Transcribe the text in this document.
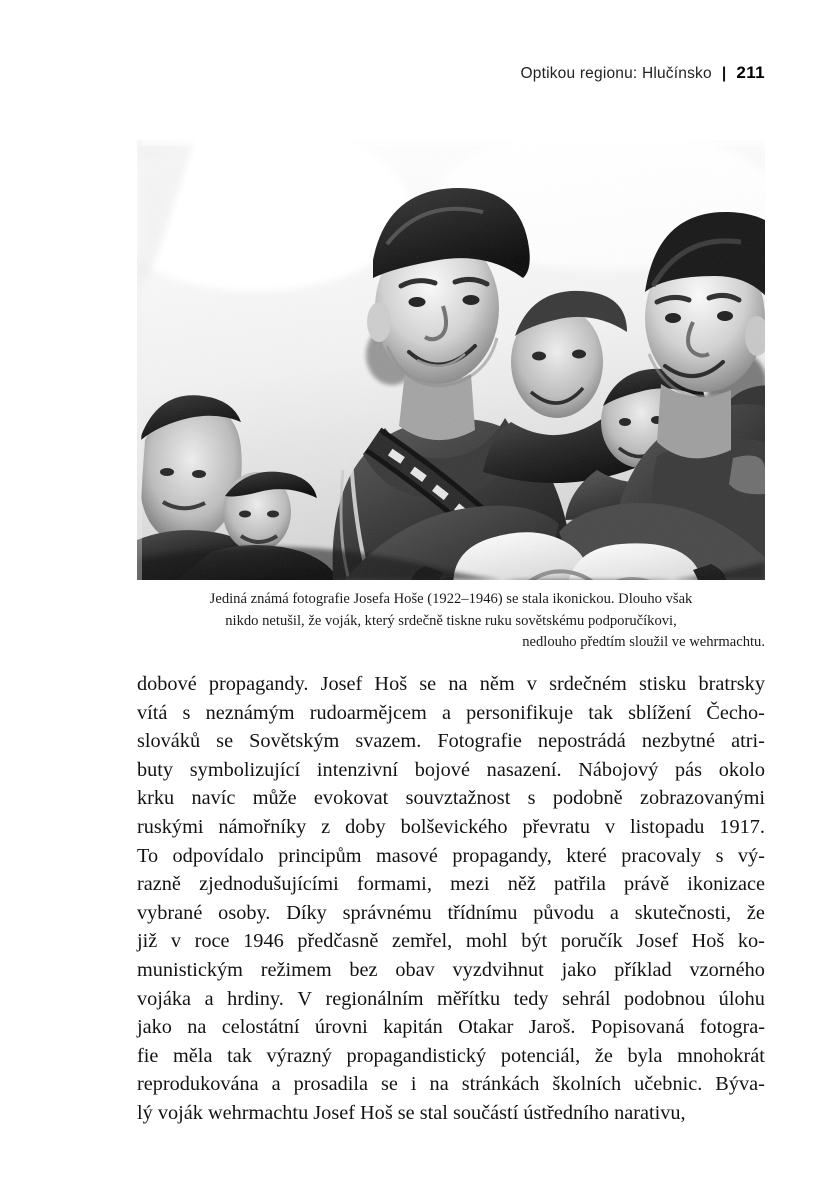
Optikou regionu: Hlučínsko | 211
Jediná známá fotografie Josefa Hoše (1922–1946) se stala ikonickou. Dlouho však
nikdo netušil, že voják, který srdečně tiskne ruku sovětskému podporučíkovi,
nedlouho předtím sloužil ve wehrmachtu.
dobové propagandy. Josef Hoš se na něm v srdečném stisku bratrsky
vítá s neznámým rudoarmějcem a personifikuje tak sblížení Čecho-
slováků se Sovětským svazem. Fotografie nepostrádá nezbytné atri-
buty symbolizující intenzivní bojové nasazení. Nábojový pás okolo
krku navíc může evokovat souvztažnost s podobně zobrazovanými
ruskými námořníky z doby bolševického převratu v listopadu 1917.
To odpovídalo principům masové propagandy, které pracovaly s vý-
razně zjednodušujícími formami, mezi něž patřila právě ikonizace
vybrané osoby. Díky správnému třídnímu původu a skutečnosti, že
již v roce 1946 předčasně zemřel, mohl být poručík Josef Hoš ko-
munistickým režimem bez obav vyzdvihnut jako příklad vzorného
vojáka a hrdiny. V regionálním měřítku tedy sehrál podobnou úlohu
jako na celostátní úrovni kapitán Otakar Jaroš. Popisovaná fotogra-
fie měla tak výrazný propagandistický potenciál, že byla mnohokrát
reprodukována a prosadila se i na stránkách školních učebnic. Býva-
lý voják wehrmachtu Josef Hoš se stal součástí ústředního narativu,
